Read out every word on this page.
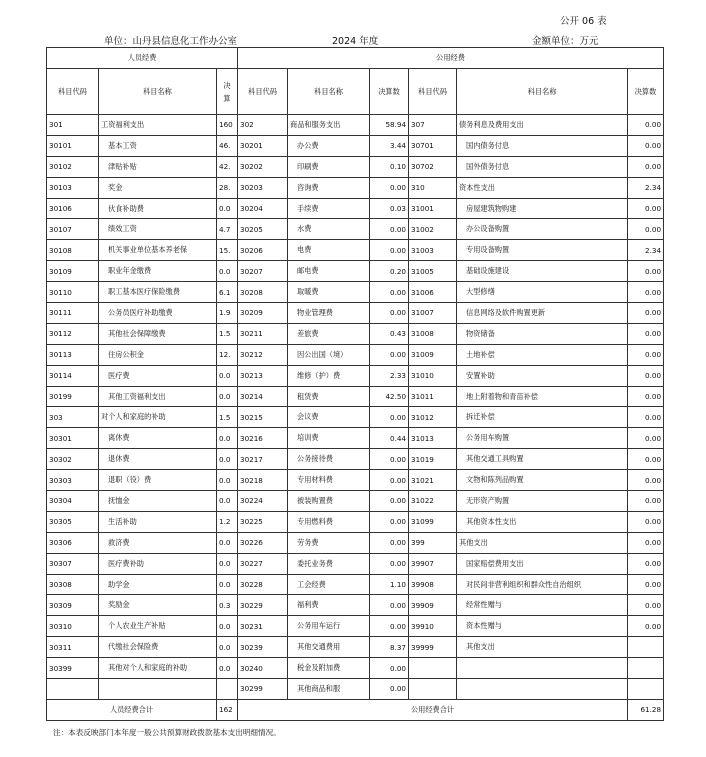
公开 06 表
单位：山丹县信息化工作办公室	2024 年度	金额单位：万元
人员经费			公用经费					
科目代码	科目名称	决算	科目代码	科目名称	决算数	科目代码	科目名称	决算数
301	工资福利支出	160	302	商品和服务支出	58.94	307	债务利息及费用支出	0.00
30101	基本工资	46.	30201	办公费	3.44	30701	国内债务付息	0.00
30102	津贴补贴	42.	30202	印刷费	0.10	30702	国外债务付息	0.00
30103	奖金	28.	30203	咨询费	0.00	310	资本性支出	2.34
30106	伙食补助费	0.0	30204	手续费	0.03	31001	房屋建筑物购建	0.00
30107	绩效工资	4.7	30205	水费	0.00	31002	办公设备购置	0.00
30108	机关事业单位基本养老保	15.	30206	电费	0.00	31003	专用设备购置	2.34
30109	职业年金缴费	0.0	30207	邮电费	0.20	31005	基础设施建设	0.00
30110	职工基本医疗保险缴费	6.1	30208	取暖费	0.00	31006	大型修缮	0.00
30111	公务员医疗补助缴费	1.9	30209	物业管理费	0.00	31007	信息网络及软件购置更新	0.00
30112	其他社会保障缴费	1.5	30211	差旅费	0.43	31008	物资储备	0.00
30113	住房公积金	12.	30212	因公出国（境）	0.00	31009	土地补偿	0.00
30114	医疗费	0.0	30213	维修（护）费	2.33	31010	安置补助	0.00
30199	其他工资福利支出	0.0	30214	租赁费	42.50	31011	地上附着物和青苗补偿	0.00
303	对个人和家庭的补助	1.5	30215	会议费	0.00	31012	拆迁补偿	0.00
30301	离休费	0.0	30216	培训费	0.44	31013	公务用车购置	0.00
30302	退休费	0.0	30217	公务接待费	0.00	31019	其他交通工具购置	0.00
30303	退职（役）费	0.0	30218	专用材料费	0.00	31021	文物和陈列品购置	0.00
30304	抚恤金	0.0	30224	被装购置费	0.00	31022	无形资产购置	0.00
30305	生活补助	1.2	30225	专用燃料费	0.00	31099	其他资本性支出	0.00
30306	救济费	0.0	30226	劳务费	0.00	399	其他支出	0.00
30307	医疗费补助	0.0	30227	委托业务费	0.00	39907	国家赔偿费用支出	0.00
30308	助学金	0.0	30228	工会经费	1.10	39908	对民间非营利组织和群众性自治组织	0.00
30309	奖励金	0.3	30229	福利费	0.00	39909	经常性赠与	0.00
30310	个人农业生产补贴	0.0	30231	公务用车运行	0.00	39910	资本性赠与	0.00
30311	代缴社会保险费	0.0	30239	其他交通费用	8.37	39999	其他支出	
30399	其他对个人和家庭的补助	0.0	30240	税金及附加费	0.00			
			30299	其他商品和服	0.00			
人员经费合计		162	公用经费合计					61.28
注：本表反映部门本年度一般公共预算财政拨款基本支出明细情况。
